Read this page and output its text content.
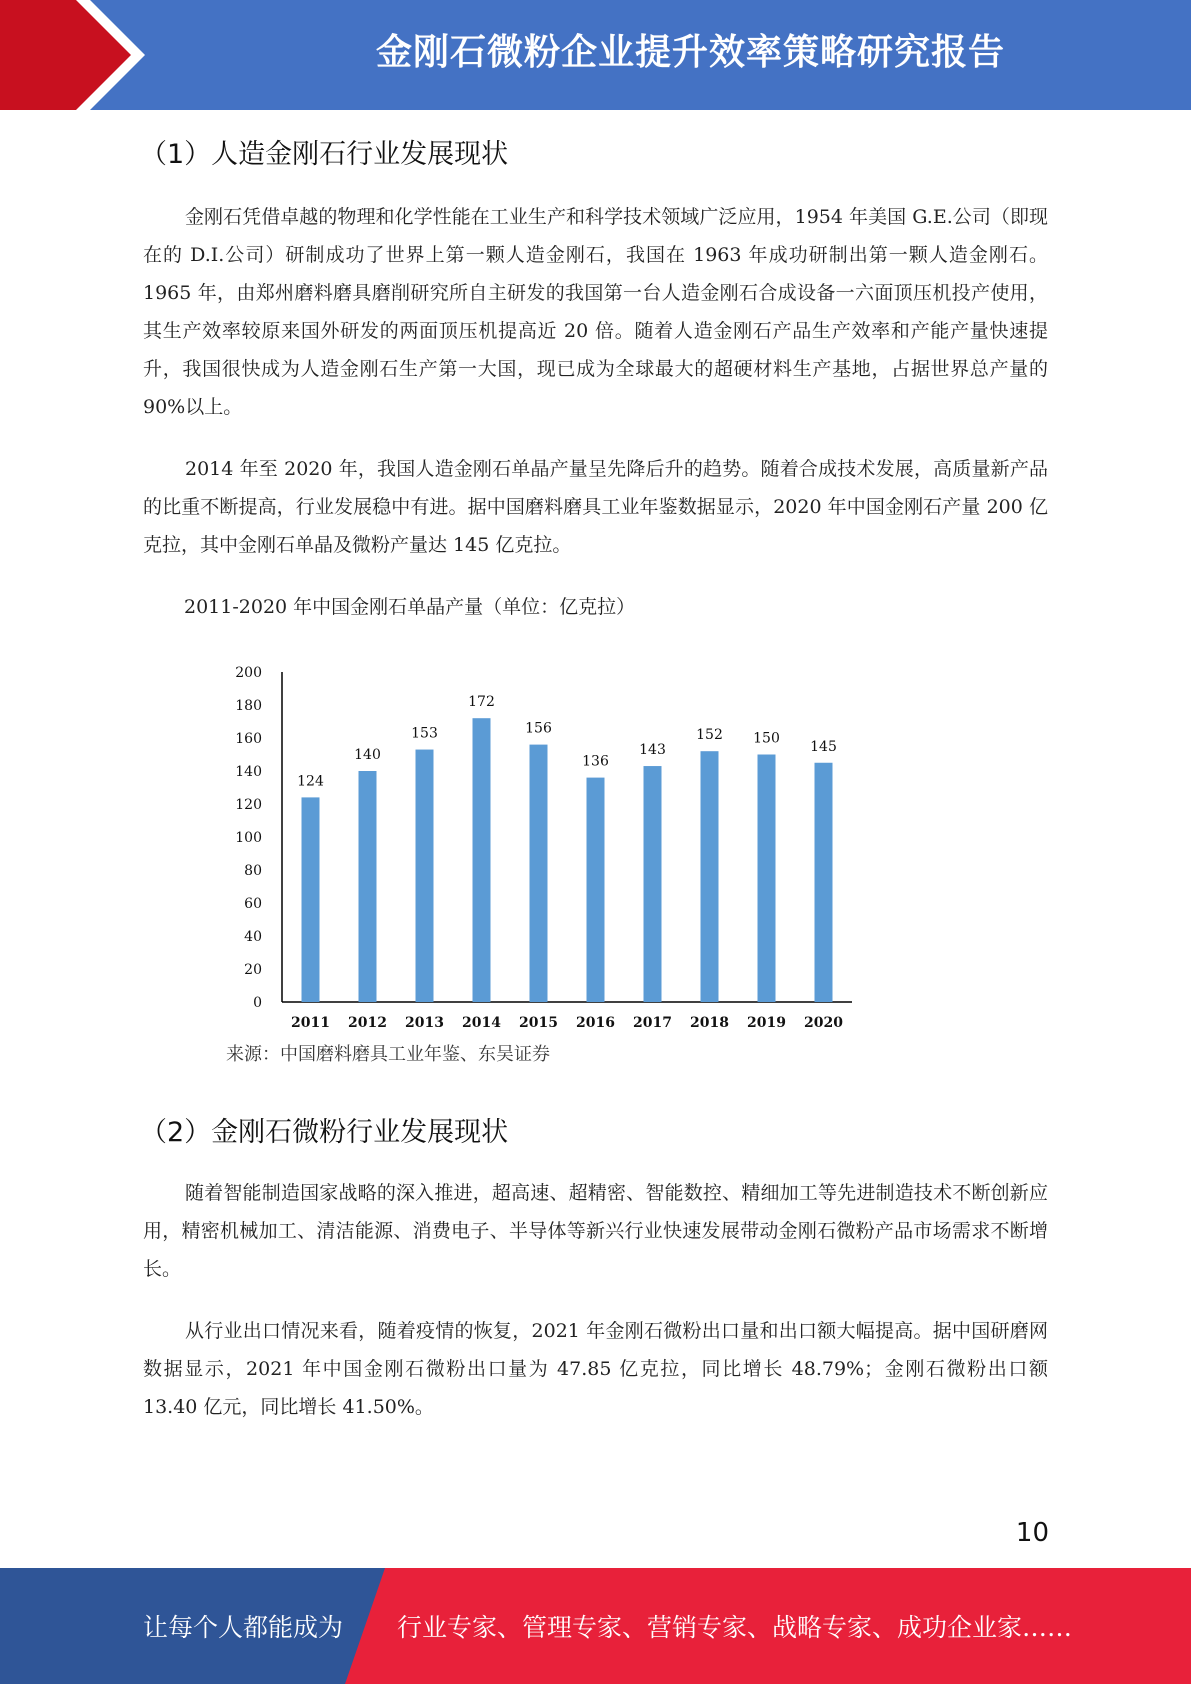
金刚石微粉企业提升效率策略研究报告
（1）人造金刚石行业发展现状

金刚石凭借卓越的物理和化学性能在工业生产和科学技术领域广泛应用，1954 年美国 G.E.公司（即现在的 D.I.公司）研制成功了世界上第一颗人造金刚石，我国在 1963 年成功研制出第一颗人造金刚石。1965 年，由郑州磨料磨具磨削研究所自主研发的我国第一台人造金刚石合成设备一六面顶压机投产使用，其生产效率较原来国外研发的两面顶压机提高近 20 倍。随着人造金刚石产品生产效率和产能产量快速提升，我国很快成为人造金刚石生产第一大国，现已成为全球最大的超硬材料生产基地，占据世界总产量的 90%以上。

2014 年至 2020 年，我国人造金刚石单晶产量呈先降后升的趋势。随着合成技术发展，高质量新产品的比重不断提高，行业发展稳中有进。据中国磨料磨具工业年鉴数据显示，2020 年中国金刚石产量 200 亿克拉，其中金刚石单晶及微粉产量达 145 亿克拉。

2011-2020 年中国金刚石单晶产量（单位：亿克拉）
0
20
40
60
80
100
120
140
160
180
200
124
2011
140
2012
153
2013
172
2014
156
2015
136
2016
143
2017
152
2018
150
2019
145
2020
来源：中国磨料磨具工业年鉴、东吴证券
（2）金刚石微粉行业发展现状

随着智能制造国家战略的深入推进，超高速、超精密、智能数控、精细加工等先进制造技术不断创新应用，精密机械加工、清洁能源、消费电子、半导体等新兴行业快速发展带动金刚石微粉产品市场需求不断增长。

从行业出口情况来看，随着疫情的恢复，2021 年金刚石微粉出口量和出口额大幅提高。据中国研磨网数据显示，2021 年中国金刚石微粉出口量为 47.85 亿克拉，同比增长 48.79%；金刚石微粉出口额 13.40 亿元，同比增长 41.50%。

10
让每个人都能成为 行业专家、管理专家、营销专家、战略专家、成功企业家……
